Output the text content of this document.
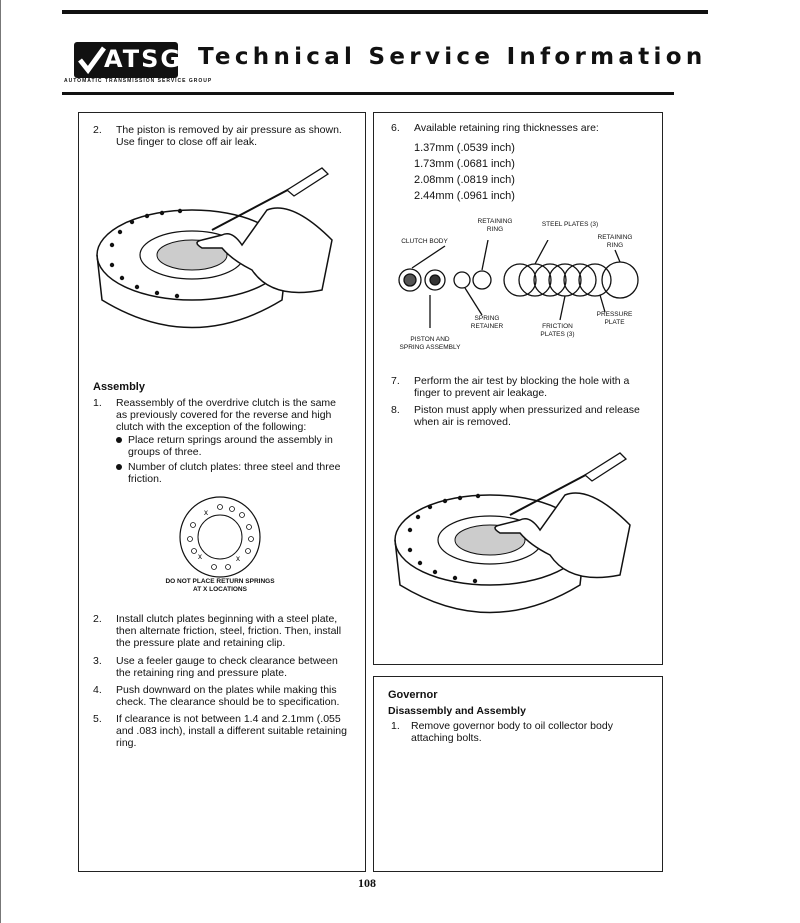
ATSG
AUTOMATIC TRANSMISSION SERVICE GROUP
Technical Service Information
2. The piston is removed by air pressure as shown.
Use finger to close off air leak.
Assembly
1. Reassembly of the overdrive clutch is the same
as previously covered for the reverse and high
clutch with the exception of the following:
Place return springs around the assembly in
groups of three.
Number of clutch plates: three steel and three
friction.
x
x
x
DO NOT PLACE RETURN SPRINGS
AT X LOCATIONS
2. Install clutch plates beginning with a steel plate,
then alternate friction, steel, friction. Then, install
the pressure plate and retaining clip.
3. Use a feeler gauge to check clearance between
the retaining ring and pressure plate.
4. Push downward on the plates while making this
check. The clearance should be to specification.
5. If clearance is not between 1.4 and 2.1mm (.055
and .083 inch), install a different suitable retaining
ring.
6. Available retaining ring thicknesses are:
1.37mm (.0539 inch)
1.73mm (.0681 inch)
2.08mm (.0819 inch)
2.44mm (.0961 inch)
RETAINING
RING
STEEL PLATES (3)
RETAINING
RING
CLUTCH BODY
PRESSURE
PLATE
SPRING
RETAINER	FRICTION
PLATES (3)
PISTON AND
SPRING ASSEMBLY
7. Perform the air test by blocking the hole with a
finger to prevent air leakage.
8. Piston must apply when pressurized and release
when air is removed.
Governor
Disassembly and Assembly
1. Remove governor body to oil collector body
attaching bolts.
108
